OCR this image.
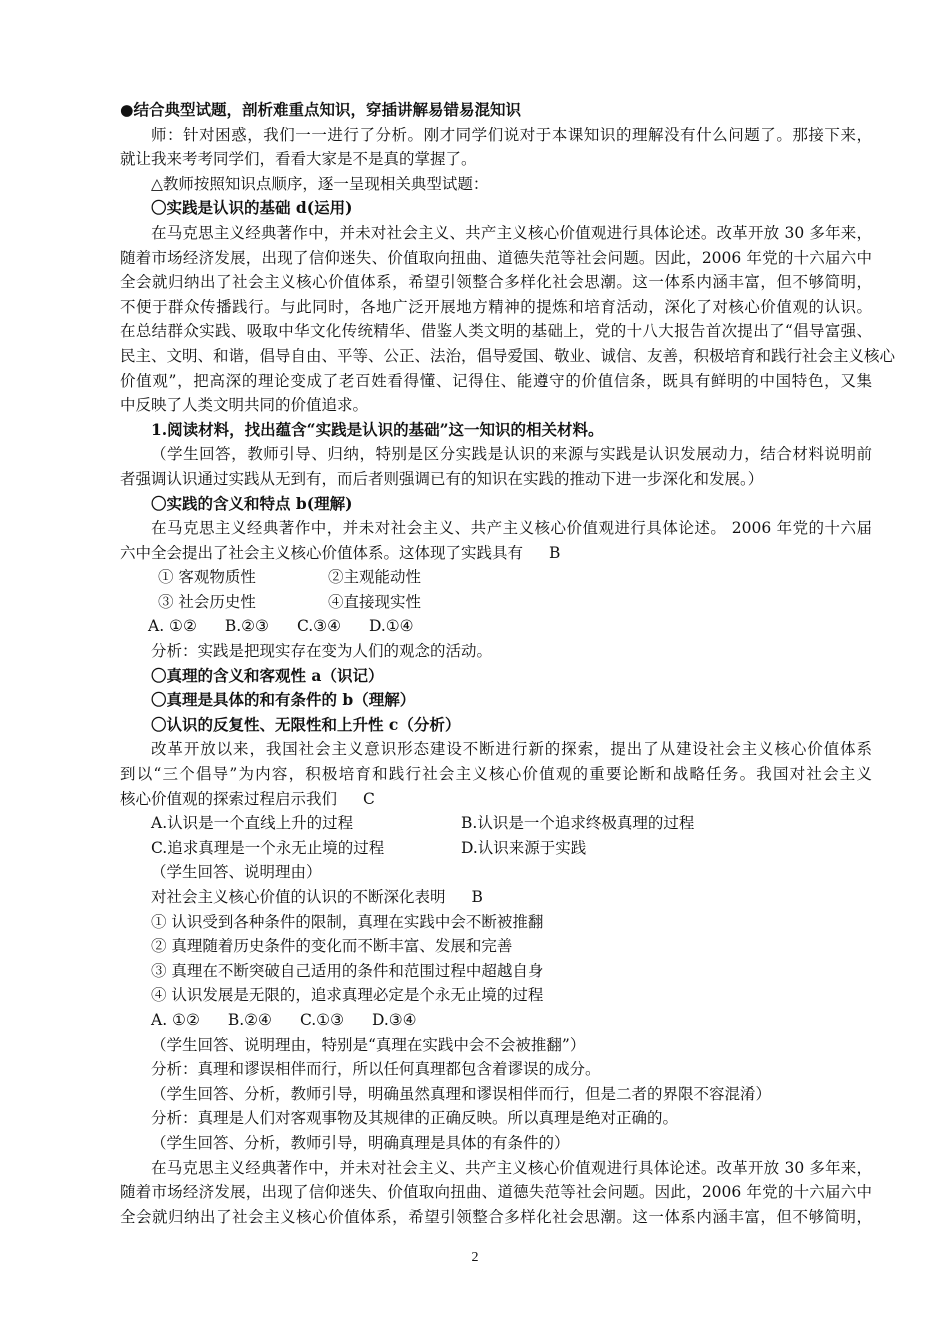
●结合典型试题，剖析难重点知识，穿插讲解易错易混知识
师：针对困惑，我们一一进行了分析。刚才同学们说对于本课知识的理解没有什么问题了。那接下来，
就让我来考考同学们，看看大家是不是真的掌握了。
△教师按照知识点顺序，逐一呈现相关典型试题：
〇实践是认识的基础 d(运用)
在马克思主义经典著作中，并未对社会主义、共产主义核心价值观进行具体论述。改革开放 30 多年来，
随着市场经济发展，出现了信仰迷失、价值取向扭曲、道德失范等社会问题。因此，2006 年党的十六届六中
全会就归纳出了社会主义核心价值体系，希望引领整合多样化社会思潮。这一体系内涵丰富，但不够简明，
不便于群众传播践行。与此同时，各地广泛开展地方精神的提炼和培育活动，深化了对核心价值观的认识。
在总结群众实践、吸取中华文化传统精华、借鉴人类文明的基础上，党的十八大报告首次提出了“倡导富强、
民主、文明、和谐，倡导自由、平等、公正、法治，倡导爱国、敬业、诚信、友善，积极培育和践行社会主义核心
价值观”，把高深的理论变成了老百姓看得懂、记得住、能遵守的价值信条，既具有鲜明的中国特色，又集
中反映了人类文明共同的价值追求。
1.阅读材料，找出蕴含“实践是认识的基础”这一知识的相关材料。
（学生回答，教师引导、归纳，特别是区分实践是认识的来源与实践是认识发展动力，结合材料说明前
者强调认识通过实践从无到有，而后者则强调已有的知识在实践的推动下进一步深化和发展。）
〇实践的含义和特点 b(理解)
在马克思主义经典著作中，并未对社会主义、共产主义核心价值观进行具体论述。 2006 年党的十六届
六中全会提出了社会主义核心价值体系。这体现了实践具有 B
① 客观物质性	②主观能动性
③ 社会历史性	④直接现实性
A. ①② B.②③ C.③④ D.①④
分析：实践是把现实存在变为人们的观念的活动。
〇真理的含义和客观性 a（识记）
〇真理是具体的和有条件的 b（理解）
〇认识的反复性、无限性和上升性 c（分析）
改革开放以来，我国社会主义意识形态建设不断进行新的探索，提出了从建设社会主义核心价值体系
到以“三个倡导”为内容，积极培育和践行社会主义核心价值观的重要论断和战略任务。我国对社会主义
核心价值观的探索过程启示我们 C
A.认识是一个直线上升的过程	B.认识是一个追求终极真理的过程
C.追求真理是一个永无止境的过程	D.认识来源于实践
（学生回答、说明理由）
对社会主义核心价值的认识的不断深化表明 B
① 认识受到各种条件的限制，真理在实践中会不断被推翻
② 真理随着历史条件的变化而不断丰富、发展和完善
③ 真理在不断突破自己适用的条件和范围过程中超越自身
④ 认识发展是无限的，追求真理必定是个永无止境的过程
A. ①② B.②④ C.①③ D.③④
（学生回答、说明理由，特别是“真理在实践中会不会被推翻”）
分析：真理和谬误相伴而行，所以任何真理都包含着谬误的成分。
（学生回答、分析，教师引导，明确虽然真理和谬误相伴而行，但是二者的界限不容混淆）
分析：真理是人们对客观事物及其规律的正确反映。所以真理是绝对正确的。
（学生回答、分析，教师引导，明确真理是具体的有条件的）
在马克思主义经典著作中，并未对社会主义、共产主义核心价值观进行具体论述。改革开放 30 多年来，
随着市场经济发展，出现了信仰迷失、价值取向扭曲、道德失范等社会问题。因此，2006 年党的十六届六中
全会就归纳出了社会主义核心价值体系，希望引领整合多样化社会思潮。这一体系内涵丰富，但不够简明，
2
